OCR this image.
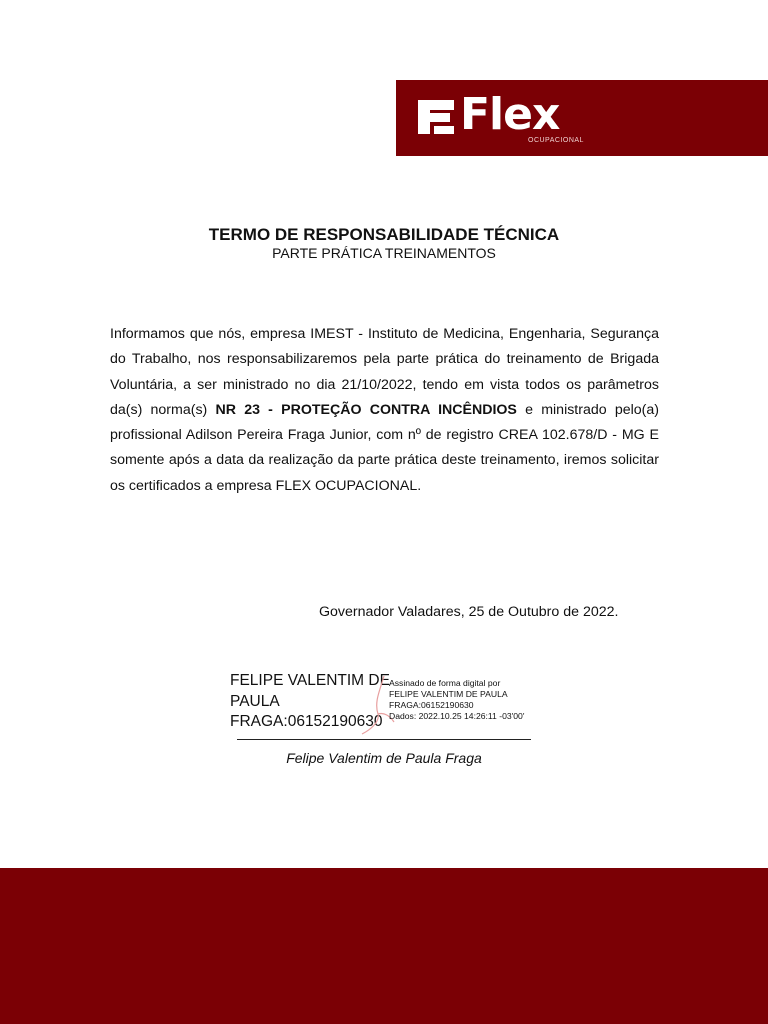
Flex
OCUPACIONAL
TERMO DE RESPONSABILIDADE TÉCNICA
PARTE PRÁTICA TREINAMENTOS
Informamos que nós, empresa IMEST - Instituto de Medicina, Engenharia, Segurança do Trabalho, nos responsabilizaremos pela parte prática do treinamento de Brigada Voluntária, a ser ministrado no dia 21/10/2022, tendo em vista todos os parâmetros da(s) norma(s) NR 23 - PROTEÇÃO CONTRA INCÊNDIOS e ministrado pelo(a) profissional Adilson Pereira Fraga Junior, com nº de registro CREA 102.678/D - MG E somente após a data da realização da parte prática deste treinamento, iremos solicitar os certificados a empresa FLEX OCUPACIONAL.
Governador Valadares, 25 de Outubro de 2022.
FELIPE VALENTIM DE
PAULA
FRAGA:06152190630
Assinado de forma digital por
FELIPE VALENTIM DE PAULA
FRAGA:06152190630
Dados: 2022.10.25 14:26:11 -03'00'
Felipe Valentim de Paula Fraga
